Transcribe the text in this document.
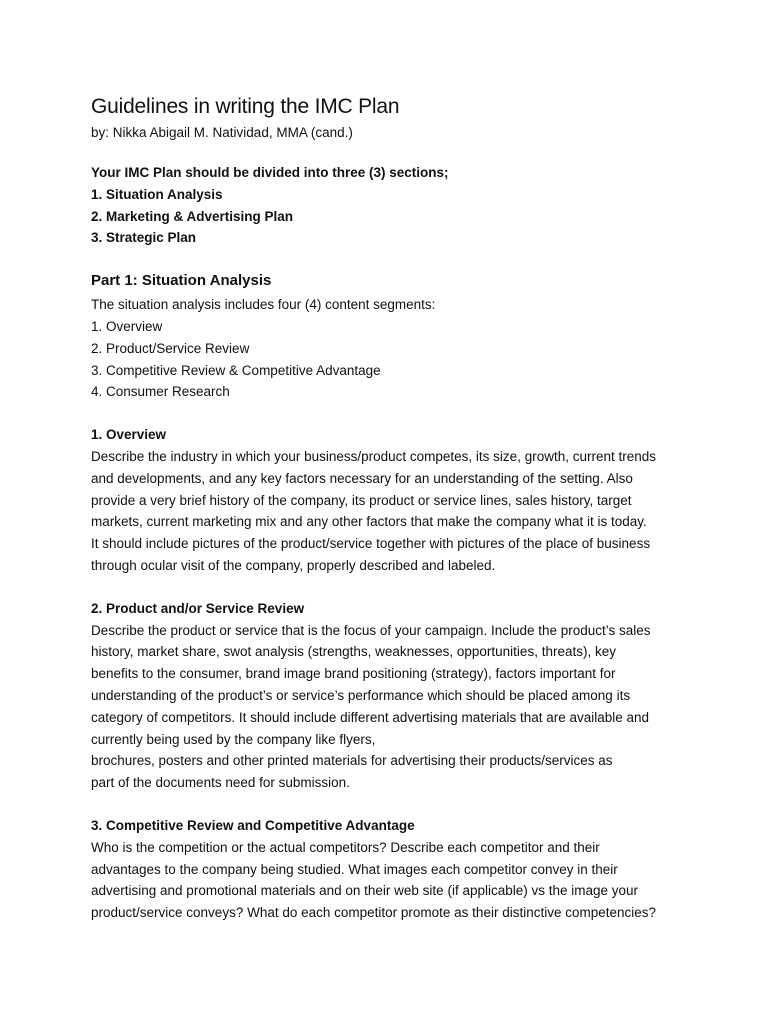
Guidelines in writing the IMC Plan

by: Nikka Abigail M. Natividad, MMA (cand.)

Your IMC Plan should be divided into three (3) sections;

1. Situation Analysis

2. Marketing & Advertising Plan

3. Strategic Plan

Part 1: Situation Analysis

The situation analysis includes four (4) content segments:

1. Overview

2. Product/Service Review

3. Competitive Review & Competitive Advantage

4. Consumer Research

1. Overview

Describe the industry in which your business/product competes, its size, growth, current trends
and developments, and any key factors necessary for an understanding of the setting. Also
provide a very brief history of the company, its product or service lines, sales history, target
markets, current marketing mix and any other factors that make the company what it is today.
It should include pictures of the product/service together with pictures of the place of business
through ocular visit of the company, properly described and labeled.

2. Product and/or Service Review

Describe the product or service that is the focus of your campaign. Include the product’s sales
history, market share, swot analysis (strengths, weaknesses, opportunities, threats), key
benefits to the consumer, brand image brand positioning (strategy), factors important for
understanding of the product’s or service’s performance which should be placed among its
category of competitors. It should include different advertising materials that are available and
currently being used by the company like flyers,
brochures, posters and other printed materials for advertising their products/services as
part of the documents need for submission.

3. Competitive Review and Competitive Advantage

Who is the competition or the actual competitors? Describe each competitor and their
advantages to the company being studied. What images each competitor convey in their
advertising and promotional materials and on their web site (if applicable) vs the image your
product/service conveys? What do each competitor promote as their distinctive competencies?
